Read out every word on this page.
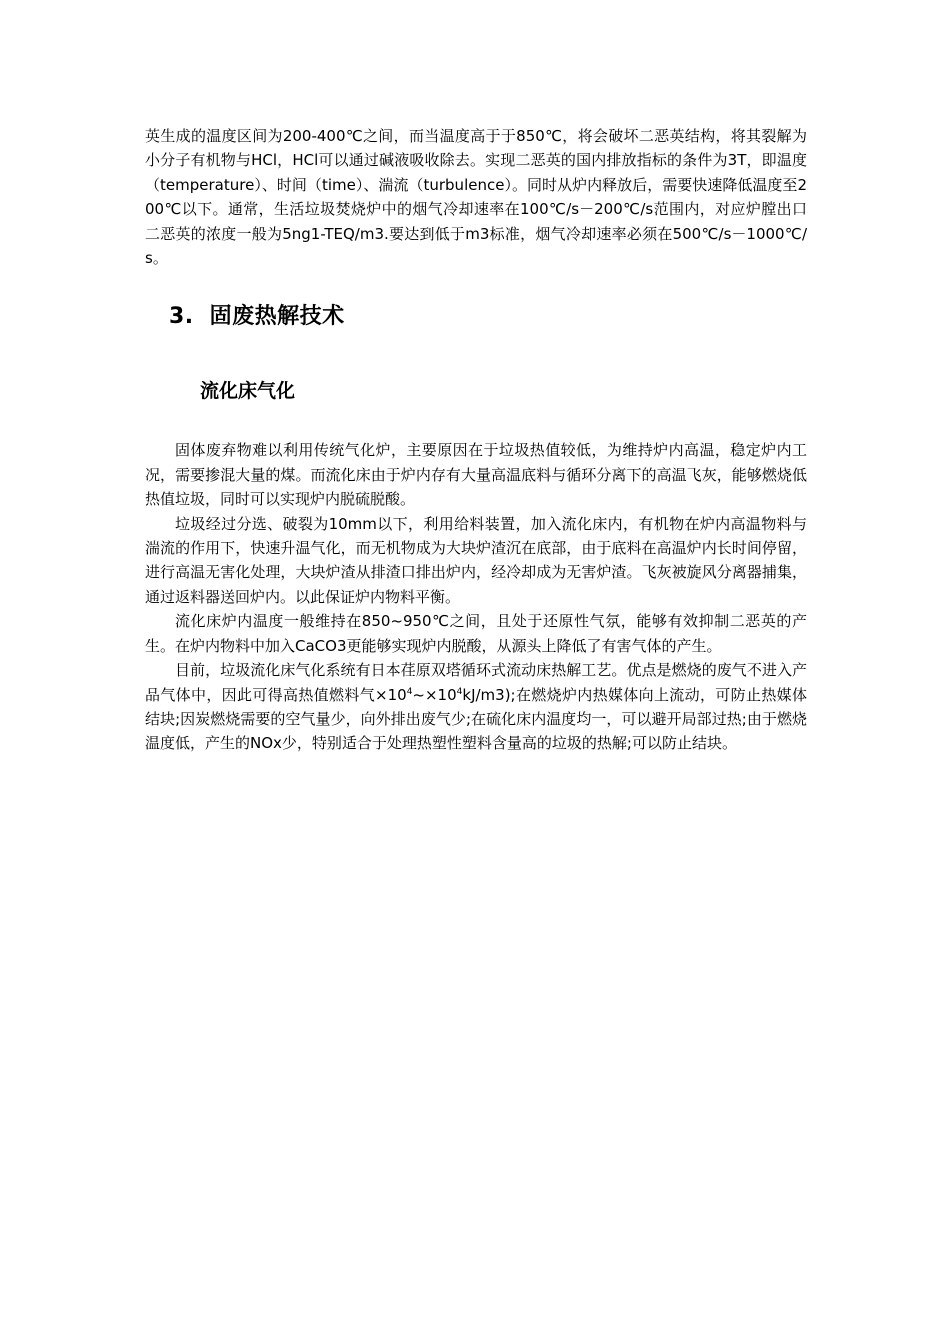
英生成的温度区间为200-400℃之间，而当温度高于于850℃，将会破坏二恶英结构，将其裂解为小分子有机物与HCl，HCl可以通过碱液吸收除去。实现二恶英的国内排放指标的条件为3T，即温度（temperature）、时间（time）、湍流（turbulence）。同时从炉内释放后，需要快速降低温度至200℃以下。通常，生活垃圾焚烧炉中的烟气冷却速率在100℃/s－200℃/s范围内，对应炉膛出口二恶英的浓度一般为5ng1-TEQ/m3.要达到低于m3标准，烟气冷却速率必须在500℃/s－1000℃/s。

3. 固废热解技术
流化床气化

固体废弃物难以利用传统气化炉，主要原因在于垃圾热值较低，为维持炉内高温，稳定炉内工况，需要掺混大量的煤。而流化床由于炉内存有大量高温底料与循环分离下的高温飞灰，能够燃烧低热值垃圾，同时可以实现炉内脱硫脱酸。

垃圾经过分选、破裂为10mm以下，利用给料装置，加入流化床内，有机物在炉内高温物料与湍流的作用下，快速升温气化，而无机物成为大块炉渣沉在底部，由于底料在高温炉内长时间停留，进行高温无害化处理，大块炉渣从排渣口排出炉内，经冷却成为无害炉渣。飞灰被旋风分离器捕集，通过返料器送回炉内。以此保证炉内物料平衡。

流化床炉内温度一般维持在850~950℃之间，且处于还原性气氛，能够有效抑制二恶英的产生。在炉内物料中加入CaCO3更能够实现炉内脱酸，从源头上降低了有害气体的产生。

目前，垃圾流化床气化系统有日本荏原双塔循环式流动床热解工艺。优点是燃烧的废气不进入产品气体中，因此可得高热值燃料气$\times 10^4\sim\times 10^4kJ/m3$);在燃烧炉内热媒体向上流动，可防止热媒体结块;因炭燃烧需要的空气量少，向外排出废气少;在硫化床内温度均一，可以避开局部过热;由于燃烧温度低，产生的NOx少，特别适合于处理热塑性塑料含量高的垃圾的热解;可以防止结块。
